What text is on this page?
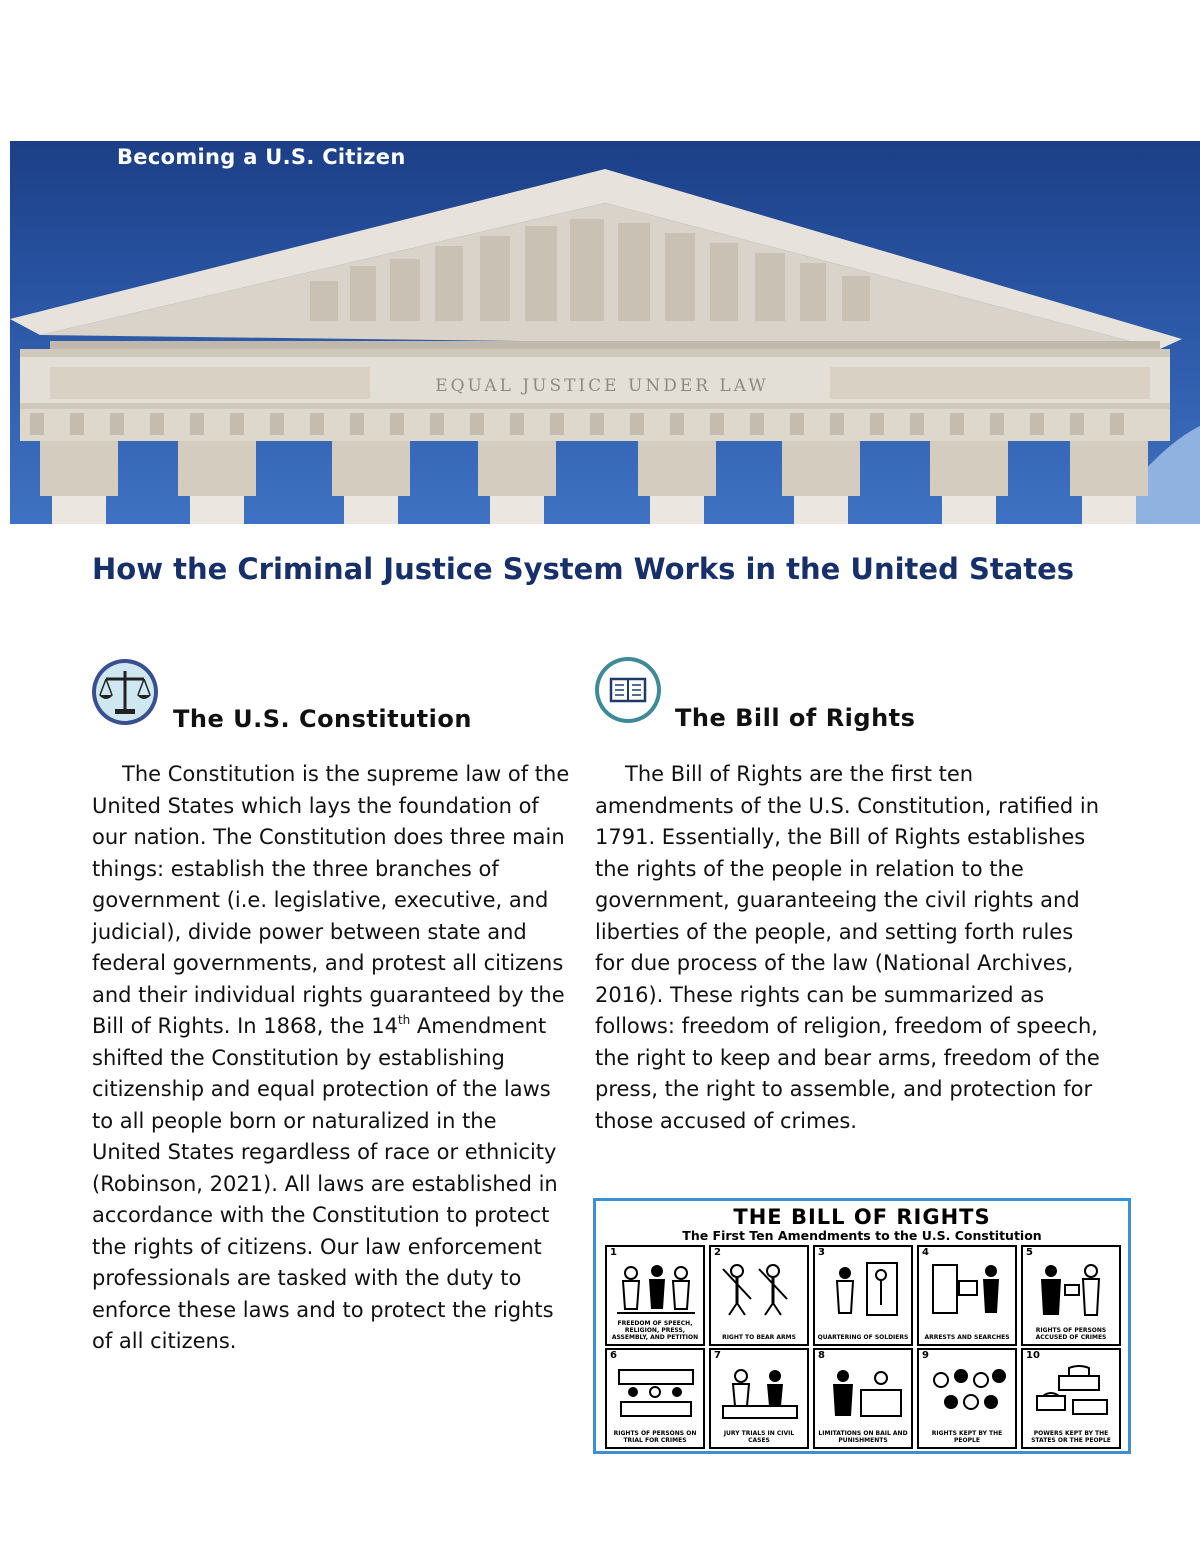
Becoming a U.S. Citizen
EQUAL JUSTICE UNDER LAW
How the Criminal Justice System Works in the United States
The U.S. Constitution

The Constitution is the supreme law of the United States which lays the foundation of our nation. The Constitution does three main things: establish the three branches of government (i.e. legislative, executive, and judicial), divide power between state and federal governments, and protest all citizens and their individual rights guaranteed by the Bill of Rights. In 1868, the 14th Amendment shifted the Constitution by establishing citizenship and equal protection of the laws to all people born or naturalized in the United States regardless of race or ethnicity (Robinson, 2021). All laws are established in accordance with the Constitution to protect the rights of citizens. Our law enforcement professionals are tasked with the duty to enforce these laws and to protect the rights of all citizens.

The Bill of Rights

The Bill of Rights are the first ten amendments of the U.S. Constitution, ratified in 1791. Essentially, the Bill of Rights establishes the rights of the people in relation to the government, guaranteeing the civil rights and liberties of the people, and setting forth rules for due process of the law (National Archives, 2016). These rights can be summarized as follows: freedom of religion, freedom of speech, the right to keep and bear arms, freedom of the press, the right to assemble, and protection for those accused of crimes.

THE BILL OF RIGHTS
The First Ten Amendments to the U.S. Constitution
1
FREEDOM OF SPEECH, RELIGION, PRESS, ASSEMBLY, AND PETITION
2
RIGHT TO BEAR ARMS
3
QUARTERING OF SOLDIERS
4
ARRESTS AND SEARCHES
5
RIGHTS OF PERSONS ACCUSED OF CRIMES
6
RIGHTS OF PERSONS ON TRIAL FOR CRIMES
7
JURY TRIALS IN CIVIL CASES
8
LIMITATIONS ON BAIL AND PUNISHMENTS
9
RIGHTS KEPT BY THE PEOPLE
10
POWERS KEPT BY THE STATES OR THE PEOPLE
